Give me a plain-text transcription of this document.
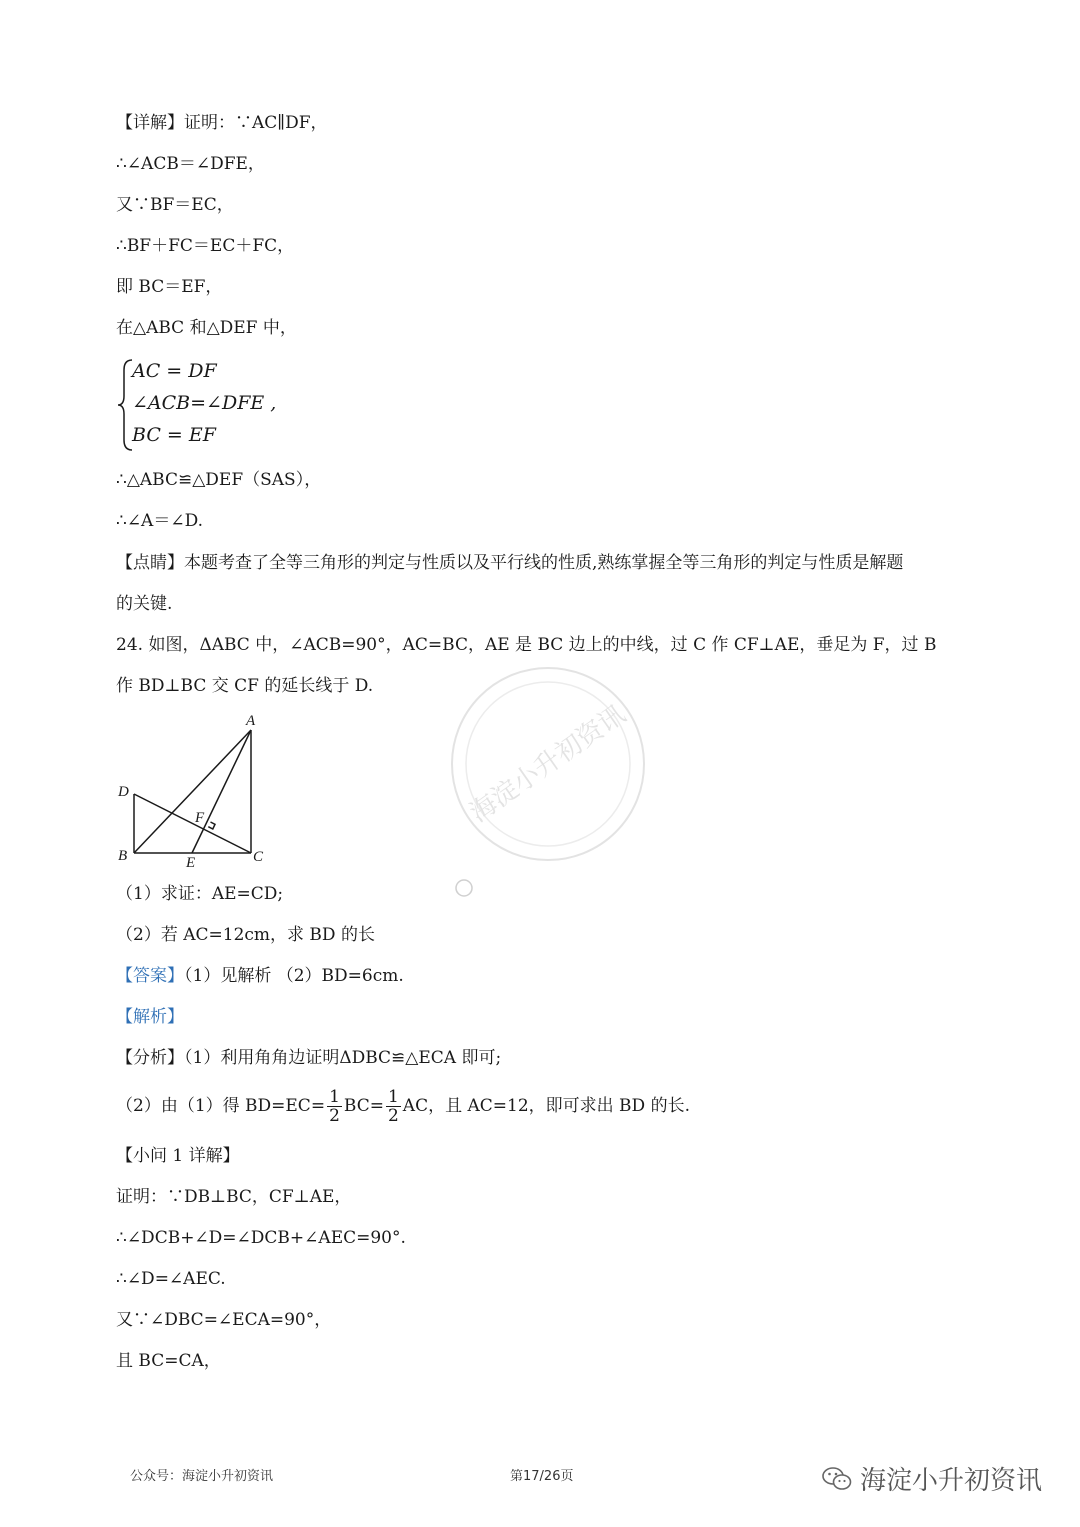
【详解】证明：∵AC∥DF，
∴∠ACB＝∠DFE，
又∵BF＝EC，
∴BF＋FC＝EC＋FC，
即 BC＝EF，
在△ABC 和△DEF 中，
AC = DF
∠ACB=∠DFE ,
BC = EF
∴△ABC≌△DEF（SAS），
∴∠A＝∠D.
【点睛】本题考查了全等三角形的判定与性质以及平行线的性质,熟练掌握全等三角形的判定与性质是解题
的关键.
24. 如图，ΔABC 中，∠ACB=90°，AC=BC，AE 是 BC 边上的中线，过 C 作 CF⊥AE，垂足为 F，过 B
作 BD⊥BC 交 CF 的延长线于 D.
A
B	C
D
E
F	海淀小升初资讯
（1）求证：AE=CD;
（2）若 AC=12cm，求 BD 的长
【答案】（1）见解析 （2）BD=6cm.
【解析】
【分析】（1）利用角角边证明ΔDBC≌△ECA 即可;
（2）由（1）得 $BD=EC= \frac{1}{2} BC= \frac{1}{2}$ AC，且 AC=12，即可求出 BD 的长.
【小问 1 详解】
证明：∵DB⊥BC，CF⊥AE，
∴∠DCB+∠D=∠DCB+∠AEC=90°.
∴∠D=∠AEC.
又∵∠DBC=∠ECA=90°，
且 BC=CA，
公众号：海淀小升初资讯	第17/26页	海淀小升初资讯
